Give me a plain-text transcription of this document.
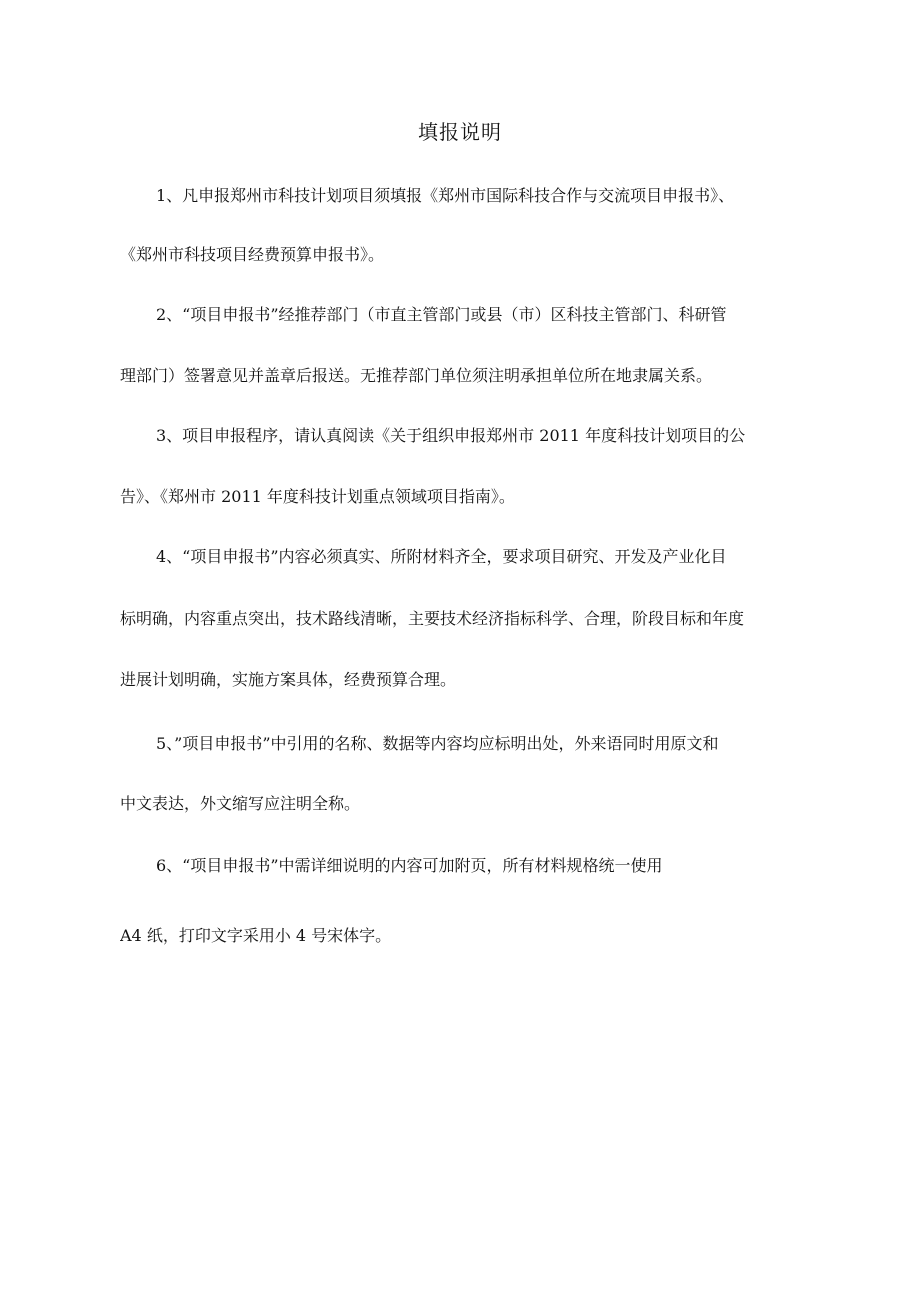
填报说明
1、凡申报郑州市科技计划项目须填报《郑州市国际科技合作与交流项目申报书》、
《郑州市科技项目经费预算申报书》。
2、“项目申报书”经推荐部门（市直主管部门或县（市）区科技主管部门、科研管
理部门）签署意见并盖章后报送。无推荐部门单位须注明承担单位所在地隶属关系。
3、项目申报程序，请认真阅读《关于组织申报郑州市 2011 年度科技计划项目的公
告》、《郑州市 2011 年度科技计划重点领域项目指南》。
4、“项目申报书”内容必须真实、所附材料齐全，要求项目研究、开发及产业化目
标明确，内容重点突出，技术路线清晰，主要技术经济指标科学、合理，阶段目标和年度
进展计划明确，实施方案具体，经费预算合理。
5、”项目申报书”中引用的名称、数据等内容均应标明出处，外来语同时用原文和
中文表达，外文缩写应注明全称。
6、“项目申报书”中需详细说明的内容可加附页，所有材料规格统一使用
A4 纸，打印文字采用小 4 号宋体字。
